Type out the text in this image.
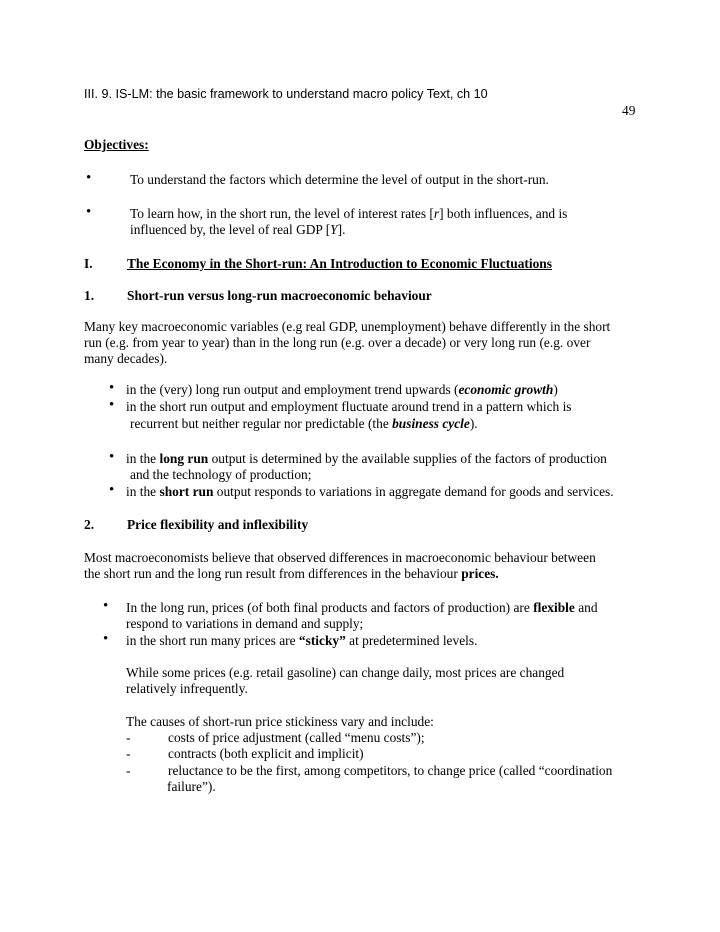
III. 9. IS-LM: the basic framework to understand macro policy Text, ch 10
49
Objectives:
•	To understand the factors which determine the level of output in the short-run.
•	To learn how, in the short run, the level of interest rates [r] both influences, and is
influenced by, the level of real GDP [Y].
I.	The Economy in the Short-run: An Introduction to Economic Fluctuations
1. Short-run versus long-run macroeconomic behaviour
Many key macroeconomic variables (e.g real GDP, unemployment) behave differently in the short
run (e.g. from year to year) than in the long run (e.g. over a decade) or very long run (e.g. over
many decades).
• in the (very) long run output and employment trend upwards (economic growth)
• in the short run output and employment fluctuate around trend in a pattern which is
recurrent but neither regular nor predictable (the business cycle).
• in the long run output is determined by the available supplies of the factors of production
and the technology of production;
• in the short run output responds to variations in aggregate demand for goods and services.
2. Price flexibility and inflexibility
Most macroeconomists believe that observed differences in macroeconomic behaviour between
the short run and the long run result from differences in the behaviour prices.
• In the long run, prices (of both final products and factors of production) are flexible and
respond to variations in demand and supply;
• in the short run many prices are “sticky” at predetermined levels.
While some prices (e.g. retail gasoline) can change daily, most prices are changed
relatively infrequently.
The causes of short-run price stickiness vary and include:
-	costs of price adjustment (called “menu costs”);
-	contracts (both explicit and implicit)
-	reluctance to be the first, among competitors, to change price (called “coordination
failure”).
